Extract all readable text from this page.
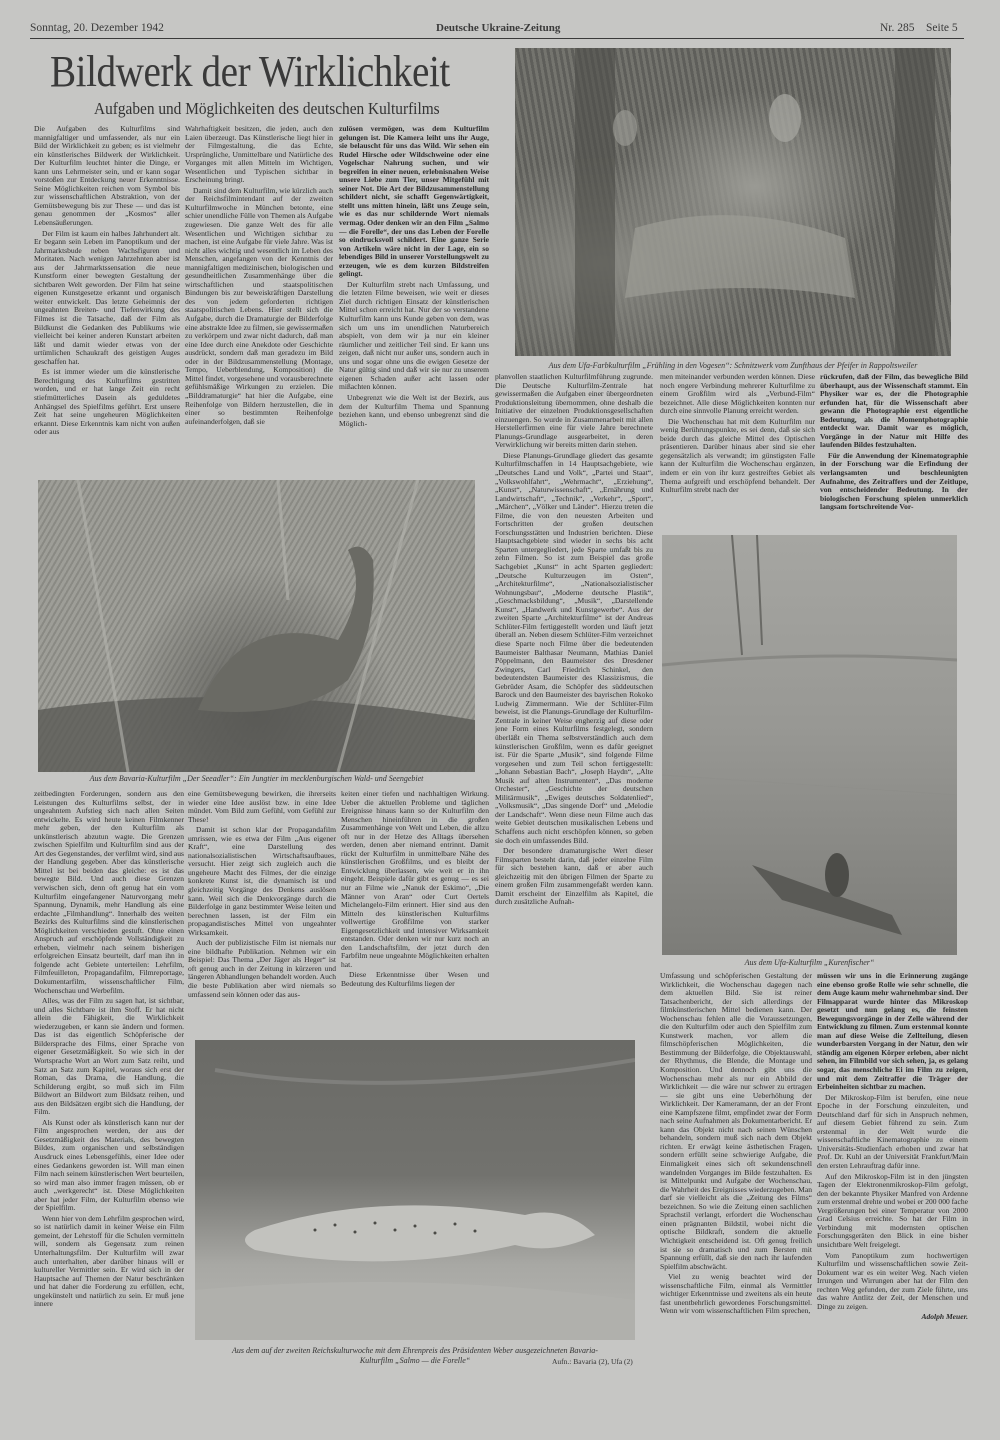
Sonntag, 20. Dezember 1942	Deutsche Ukraine-Zeitung	Nr. 285 Seite 5
Bildwerk der Wirklichkeit
Aufgaben und Möglichkeiten des deutschen Kulturfilms

Die Aufgaben des Kulturfilms sind mannigfaltiger und umfassender, als nur ein Bild der Wirklichkeit zu geben; es ist vielmehr ein künstlerisches Bildwerk der Wirklichkeit. Der Kulturfilm leuchtet hinter die Dinge, er kann uns Lehrmeister sein, und er kann sogar vorstoßen zur Entdeckung neuer Erkenntnisse. Seine Möglichkeiten reichen vom Symbol bis zur wissenschaftlichen Abstraktion, von der Gemütsbewegung bis zur These — und das ist genau genommen der „Kosmos“ aller Lebensäußerungen.

Der Film ist kaum ein halbes Jahrhundert alt. Er begann sein Leben im Panoptikum und der Jahrmarktsbude neben Wachsfiguren und Moritaten. Nach wenigen Jahrzehnten aber ist aus der Jahrmarktssensation die neue Kunstform einer bewegten Gestaltung der sichtbaren Welt geworden. Der Film hat seine eigenen Kunstgesetze erkannt und organisch weiter entwickelt. Das letzte Geheimnis der ungeahnten Breiten- und Tiefenwirkung des Filmes ist die Tatsache, daß der Film als Bildkunst die Gedanken des Publikums wie vielleicht bei keiner anderen Kunstart arbeiten läßt und damit wieder etwas von der urtümlichen Schaukraft des geistigen Auges geschaffen hat.

Es ist immer wieder um die künstlerische Berechtigung des Kulturfilms gestritten worden, und er hat lange Zeit ein recht stiefmütterliches Dasein als geduldetes Anhängsel des Spielfilms geführt. Erst unsere Zeit hat seine ungeheuren Möglichkeiten erkannt. Diese Erkenntnis kam nicht von außen oder aus

Wahrhaftigkeit besitzen, die jeden, auch den Laien überzeugt. Das Künstlerische liegt hier in der Filmgestaltung, die das Echte, Ursprüngliche, Unmittelbare und Natürliche des Vorganges mit allen Mitteln im Wichtigen, Wesentlichen und Typischen sichtbar in Erscheinung bringt.

Damit sind dem Kulturfilm, wie kürzlich auch der Reichsfilmintendant auf der zweiten Kulturfilmwoche in München betonte, eine schier unendliche Fülle von Themen als Aufgabe zugewiesen. Die ganze Welt des für alle Wesentlichen und Wichtigen sichtbar zu machen, ist eine Aufgabe für viele Jahre. Was ist nicht alles wichtig und wesentlich im Leben des Menschen, angefangen von der Kenntnis der mannigfaltigen medizinischen, biologischen und gesundheitlichen Zusammenhänge über die wirtschaftlichen und staatspolitischen Bindungen bis zur beweiskräftigen Darstellung des von jedem geforderten richtigen staatspolitischen Lebens. Hier stellt sich die Aufgabe, durch die Dramaturgie der Bilderfolge eine abstrakte Idee zu filmen, sie gewissermaßen zu verkörpern und zwar nicht dadurch, daß man eine Idee durch eine Anekdote oder Geschichte ausdrückt, sondern daß man geradezu im Bild oder in der Bildzusammenstellung (Montage, Tempo, Ueberblendung, Komposition) die Mittel findet, vorgesehene und vorausberechnete gefühlsmäßige Wirkungen zu erzielen. Die „Bilddramaturgie“ hat hier die Aufgabe, eine Reihenfolge von Bildern herzustellen, die in einer so bestimmten Reihenfolge aufeinanderfolgen, daß sie

zulösen vermögen, was dem Kulturfilm gelungen ist. Die Kamera leiht uns ihr Auge, sie belauscht für uns das Wild. Wir sehen ein Rudel Hirsche oder Wildschweine oder eine Vogelschar Nahrung suchen, und wir begreifen in einer neuen, erlebnisnahen Weise unsere Liebe zum Tier, unser Mitgefühl mit seiner Not. Die Art der Bildzusammenstellung schildert nicht, sie schafft Gegenwärtigkeit, stellt uns mitten hinein, läßt uns Zeuge sein, wie es das nur schildernde Wort niemals vermag. Oder denken wir an den Film „Salmo — die Forelle“, der uns das Leben der Forelle so eindrucksvoll schildert. Eine ganze Serie von Artikeln wäre nicht in der Lage, ein so lebendiges Bild in unserer Vorstellungswelt zu erzeugen, wie es dem kurzen Bildstreifen gelingt.

Der Kulturfilm strebt nach Umfassung, und die letzten Filme beweisen, wie weit er dieses Ziel durch richtigen Einsatz der künstlerischen Mittel schon erreicht hat. Nur der so verstandene Kulturfilm kann uns Kunde geben von dem, was sich um uns im unendlichen Naturbereich abspielt, von dem wir ja nur ein kleiner räumlicher und zeitlicher Teil sind. Er kann uns zeigen, daß nicht nur außer uns, sondern auch in uns und sogar ohne uns die ewigen Gesetze der Natur gültig sind und daß wir sie nur zu unserem eigenen Schaden außer acht lassen oder mißachten können.

Unbegrenzt wie die Welt ist der Bezirk, aus dem der Kulturfilm Thema und Spannung beziehen kann, und ebenso unbegrenzt sind die Möglich-

Aus dem Ufa-Farbkulturfilm „Frühling in den Vogesen“: Schnitzwerk vom Zunfthaus der Pfeifer in Rappoltsweiler

planvollen staatlichen Kulturfilmführung zugrunde. Die Deutsche Kulturfilm-Zentrale hat gewissermaßen die Aufgaben einer übergeordneten Produktionsleitung übernommen, ohne deshalb die Initiative der einzelnen Produktionsgesellschaften einzuengen. So wurde in Zusammenarbeit mit allen Herstellerfirmen eine für viele Jahre berechnete Planungs-Grundlage ausgearbeitet, in deren Verwirklichung wir bereits mitten darin stehen.

Diese Planungs-Grundlage gliedert das gesamte Kulturfilmschaffen in 14 Hauptsachgebiete, wie „Deutsches Land und Volk“, „Partei und Staat“, „Volkswohlfahrt“, „Wehrmacht“, „Erziehung“, „Kunst“, „Naturwissenschaft“, „Ernährung und Landwirtschaft“, „Technik“, „Verkehr“, „Sport“, „Märchen“, „Völker und Länder“. Hierzu treten die Filme, die von den neuesten Arbeiten und Fortschritten der großen deutschen Forschungsstätten und Industrien berichten. Diese Hauptsachgebiete sind wieder in sechs bis acht Sparten untergegliedert, jede Sparte umfaßt bis zu zehn Filmen. So ist zum Beispiel das große Sachgebiet „Kunst“ in acht Sparten gegliedert: „Deutsche Kulturzeugen im Osten“, „Architekturfilme“, „Nationalsozialistischer Wohnungsbau“, „Moderne deutsche Plastik“, „Geschmacksbildung“, „Musik“, „Darstellende Kunst“, „Handwerk und Kunstgewerbe“. Aus der zweiten Sparte „Architekturfilme“ ist der Andreas Schlüter-Film fertiggestellt worden und läuft jetzt überall an. Neben diesem Schlüter-Film verzeichnet diese Sparte noch Filme über die bedeutenden Baumeister Balthasar Neumann, Mathias Daniel Pöppelmann, den Baumeister des Dresdener Zwingers, Carl Friedrich Schinkel, den bedeutendsten Baumeister des Klassizismus, die Gebrüder Asam, die Schöpfer des süddeutschen Barock und den Baumeister des bayrischen Rokoko Ludwig Zimmermann. Wie der Schlüter-Film beweist, ist die Planungs-Grundlage der Kulturfilm-Zentrale in keiner Weise engherzig auf diese oder jene Form eines Kulturfilms festgelegt, sondern überläßt ein Thema selbstverständlich auch dem künstlerischen Großfilm, wenn es dafür geeignet ist. Für die Sparte „Musik“, sind folgende Filme vorgesehen und zum Teil schon fertiggestellt: „Johann Sebastian Bach“, „Joseph Haydn“, „Alte Musik auf alten Instrumenten“, „Das moderne Orchester“, „Geschichte der deutschen Militärmusik“, „Ewiges deutsches Soldatenlied“, „Volksmusik“, „Das singende Dorf“ und „Melodie der Landschaft“. Wenn diese neun Filme auch das weite Gebiet deutschen musikalischen Lebens und Schaffens auch nicht erschöpfen können, so geben sie doch ein umfassendes Bild.

Der besondere dramaturgische Wert dieser Filmsparten besteht darin, daß jeder einzelne Film für sich bestehen kann, daß er aber auch gleichzeitig mit den übrigen Filmen der Sparte zu einem großen Film zusammengefaßt werden kann. Damit erscheint der Einzelfilm als Kapitel, die durch zusätzliche Aufnah-

men miteinander verbunden werden können. Diese noch engere Verbindung mehrerer Kulturfilme zu einem Großfilm wird als „Verbund-Film“ bezeichnet. Alle diese Möglichkeiten konnten nur durch eine sinnvolle Planung erreicht werden.

Die Wochenschau hat mit dem Kulturfilm nur wenig Berührungspunkte, es sei denn, daß sie sich beide durch das gleiche Mittel des Optischen präsentieren. Darüber hinaus aber sind sie eher gegensätzlich als verwandt; im günstigsten Falle kann der Kulturfilm die Wochenschau ergänzen, indem er ein von ihr kurz gestreiftes Gebiet als Thema aufgreift und erschöpfend behandelt. Der Kulturfilm strebt nach der

rückrufen, daß der Film, das bewegliche Bild überhaupt, aus der Wissenschaft stammt. Ein Physiker war es, der die Photographie erfunden hat, für die Wissenschaft aber gewann die Photographie erst eigentliche Bedeutung, als die Momentphotographie entdeckt war. Damit war es möglich, Vorgänge in der Natur mit Hilfe des laufenden Bildes festzuhalten.

Für die Anwendung der Kinematographie in der Forschung war die Erfindung der verlangsamten und beschleunigten Aufnahme, des Zeitraffers und der Zeitlupe, von entscheidender Bedeutung. In der biologischen Forschung spielen unmerklich langsam fortschreitende Vor-

Aus dem Bavaria-Kulturfilm „Der Seeadler“: Ein Jungtier im mecklenburgischen Wald- und Seengebiet

zeitbedingten Forderungen, sondern aus den Leistungen des Kulturfilms selbst, der in ungeahntem Aufstieg sich nach allen Seiten entwickelte. Es wird heute keinen Filmkenner mehr geben, der den Kulturfilm als unkünstlerisch abzutun wagte. Die Grenzen zwischen Spielfilm und Kulturfilm sind aus der Art des Gegenstandes, der verfilmt wird, sind aus der Handlung gegeben. Aber das künstlerische Mittel ist bei beiden das gleiche: es ist das bewegte Bild. Und auch diese Grenzen verwischen sich, denn oft genug hat ein vom Kulturfilm eingefangener Naturvorgang mehr Spannung, Dynamik, mehr Handlung als eine erdachte „Filmhandlung“. Innerhalb des weiten Bezirks des Kulturfilms sind die künstlerischen Möglichkeiten verschieden gestuft. Ohne einen Anspruch auf erschöpfende Vollständigkeit zu erheben, vielmehr nach seinem bisherigen erfolgreichen Einsatz beurteilt, darf man ihn in folgende acht Gebiete unterteilen: Lehrfilm, Filmfeuilleton, Propagandafilm, Filmreportage, Dokumentarfilm, wissenschaftlicher Film, Wochenschau und Werbefilm.

Alles, was der Film zu sagen hat, ist sichtbar, und alles Sichtbare ist ihm Stoff. Er hat nicht allein die Fähigkeit, die Wirklichkeit wiederzugeben, er kann sie ändern und formen. Das ist das eigentlich Schöpferische der Bildersprache des Films, einer Sprache von eigener Gesetzmäßigkeit. So wie sich in der Wortsprache Wort an Wort zum Satz reiht, und Satz an Satz zum Kapitel, woraus sich erst der Roman, das Drama, die Handlung, die Schilderung ergibt, so muß sich im Film Bildwort an Bildwort zum Bildsatz reihen, und aus den Bildsätzen ergibt sich die Handlung, der Film.

Als Kunst oder als künstlerisch kann nur der Film angesprochen werden, der aus der Gesetzmäßigkeit des Materials, des bewegten Bildes, zum organischen und selbständigen Ausdruck eines Lebensgefühls, einer Idee oder eines Gedankens geworden ist. Will man einen Film nach seinem künstlerischen Wert beurteilen, so wird man also immer fragen müssen, ob er auch „werkgerecht“ ist. Diese Möglichkeiten aber hat jeder Film, der Kulturfilm ebenso wie der Spielfilm.

Wenn hier von dem Lehrfilm gesprochen wird, so ist natürlich damit in keiner Weise ein Film gemeint, der Lehrstoff für die Schulen vermitteln will, sondern als Gegensatz zum reinen Unterhaltungsfilm. Der Kulturfilm will zwar auch unterhalten, aber darüber hinaus will er kultureller Vermittler sein. Er wird sich in der Hauptsache auf Themen der Natur beschränken und hat daher die Forderung zu erfüllen, echt, ungekünstelt und natürlich zu sein. Er muß jene innere

eine Gemütsbewegung bewirken, die ihrerseits wieder eine Idee auslöst bzw. in eine Idee mündet. Vom Bild zum Gefühl, vom Gefühl zur These!

Damit ist schon klar der Propagandafilm umrissen, wie es etwa der Film „Aus eigener Kraft“, eine Darstellung des nationalsozialistischen Wirtschaftsaufbaues, versucht. Hier zeigt sich zugleich auch die ungeheure Macht des Filmes, der die einzige konkrete Kunst ist, die dynamisch ist und gleichzeitig Vorgänge des Denkens auslösen kann. Weil sich die Denkvorgänge durch die Bilderfolge in ganz bestimmter Weise leiten und berechnen lassen, ist der Film ein propagandistisches Mittel von ungeahnter Wirksamkeit.

Auch der publizistische Film ist niemals nur eine bildhafte Publikation. Nehmen wir ein Beispiel: Das Thema „Der Jäger als Heger“ ist oft genug auch in der Zeitung in kürzeren und längeren Abhandlungen behandelt worden. Auch die beste Publikation aber wird niemals so umfassend sein können oder das aus-

keiten einer tiefen und nachhaltigen Wirkung. Ueber die aktuellen Probleme und täglichen Ereignisse hinaus kann so der Kulturfilm den Menschen hineinführen in die großen Zusammenhänge von Welt und Leben, die allzu oft nur in der Hetze des Alltags übersehen werden, denen aber niemand entrinnt. Damit rückt der Kulturfilm in unmittelbare Nähe des künstlerischen Großfilms, und es bleibt der Entwicklung überlassen, wie weit er in ihn eingeht. Beispiele dafür gibt es genug — es sei nur an Filme wie „Nanuk der Eskimo“, „Die Männer von Aran“ oder Curt Oertels Michelangelo-Film erinnert. Hier sind aus den Mitteln des künstlerischen Kulturfilms vollwertige Großfilme von starker Eigengesetzlichkeit und intensiver Wirksamkeit entstanden. Oder denken wir nur kurz noch an den Landschaftsfilm, der jetzt durch den Farbfilm neue ungeahnte Möglichkeiten erhalten hat.

Diese Erkenntnisse über Wesen und Bedeutung des Kulturfilms liegen der

Aus dem Ufa-Kulturfilm „Kurenfischer“

Umfassung und schöpferischen Gestaltung der Wirklichkeit, die Wochenschau dagegen nach dem aktuellen Bild. Sie ist reiner Tatsachenbericht, der sich allerdings der filmkünstlerischen Mittel bedienen kann. Der Wochenschau fehlen alle die Voraussetzungen, die den Kulturfilm oder auch den Spielfilm zum Kunstwerk machen, vor allem die filmschöpferischen Möglichkeiten, die Bestimmung der Bilderfolge, die Objektauswahl, der Rhythmus, die Blende, die Montage und Komposition. Und dennoch gibt uns die Wochenschau mehr als nur ein Abbild der Wirklichkeit — die wäre nur schwer zu ertragen — sie gibt uns eine Ueberhöhung der Wirklichkeit. Der Kameramann, der an der Front eine Kampfszene filmt, empfindet zwar der Form nach seine Aufnahmen als Dokumentarbericht. Er kann das Objekt nicht nach seinen Wünschen behandeln, sondern muß sich nach dem Objekt richten. Er erwägt keine ästhetischen Fragen, sondern erfüllt seine schwierige Aufgabe, die Einmaligkeit eines sich oft sekundenschnell wandelnden Vorganges im Bilde festzuhalten. Es ist Mittelpunkt und Aufgabe der Wochenschau, die Wahrheit des Ereignisses wiederzugeben. Man darf sie vielleicht als die „Zeitung des Films“ bezeichnen. So wie die Zeitung einen sachlichen Sprachstil verlangt, erfordert die Wochenschau einen prägnanten Bildstil, wobei nicht die optische Bildkraft, sondern die aktuelle Wichtigkeit entscheidend ist. Oft genug freilich ist sie so dramatisch und zum Bersten mit Spannung erfüllt, daß sie den nach ihr laufenden Spielfilm abschwächt.

Viel zu wenig beachtet wird der wissenschaftliche Film, einmal als Vermittler wichtiger Erkenntnisse und zweitens als ein heute fast unentbehrlich gewordenes Forschungsmittel. Wenn wir vom wissenschaftlichen Film sprechen,

müssen wir uns in die Erinnerung zugänge eine ebenso große Rolle wie sehr schnelle, die dem Auge kaum mehr wahrnehmbar sind. Der Filmapparat wurde hinter das Mikroskop gesetzt und nun gelang es, die feinsten Bewegungsvorgänge in der Zelle während der Entwicklung zu filmen. Zum erstenmal konnte man auf diese Weise die Zellteilung, diesen wunderbarsten Vorgang in der Natur, den wir ständig am eigenen Körper erleben, aber nicht sehen, im Filmbild vor sich sehen, ja, es gelang sogar, das menschliche Ei im Film zu zeigen, und mit dem Zeitraffer die Träger der Erbeinheiten sichtbar zu machen.

Der Mikroskop-Film ist berufen, eine neue Epoche in der Forschung einzuleiten, und Deutschland darf für sich in Anspruch nehmen, auf diesem Gebiet führend zu sein. Zum erstenmal in der Welt wurde die wissenschaftliche Kinematographie zu einem Universitäts-Studienfach erhoben und zwar hat Prof. Dr. Kuhl an der Universität Frankfurt/Main den ersten Lehrauftrag dafür inne.

Auf den Mikroskop-Film ist in den jüngsten Tagen der Elektronenmikroskop-Film gefolgt, den der bekannte Physiker Manfred von Ardenne zum erstenmal drehte und wobei er 200 000 fache Vergrößerungen bei einer Temperatur von 2000 Grad Celsius erreichte. So hat der Film in Verbindung mit modernsten optischen Forschungsgeräten den Blick in eine bisher unsichtbare Welt freigelegt.

Vom Panoptikum zum hochwertigen Kulturfilm und wissenschaftlichen sowie Zeit-Dokument war es ein weiter Weg. Nach vielen Irrungen und Wirrungen aber hat der Film den rechten Weg gefunden, der zum Ziele führte, uns das wahre Antlitz der Zeit, der Menschen und Dinge zu zeigen.

Adolph Meuer.

Aus dem auf der zweiten Reichskulturwoche mit dem Ehrenpreis des Präsidenten Weber ausgezeichneten Bavaria-
Kulturfilm „Salmo — die Forelle“	Aufn.: Bavaria (2), Ufa (2)
